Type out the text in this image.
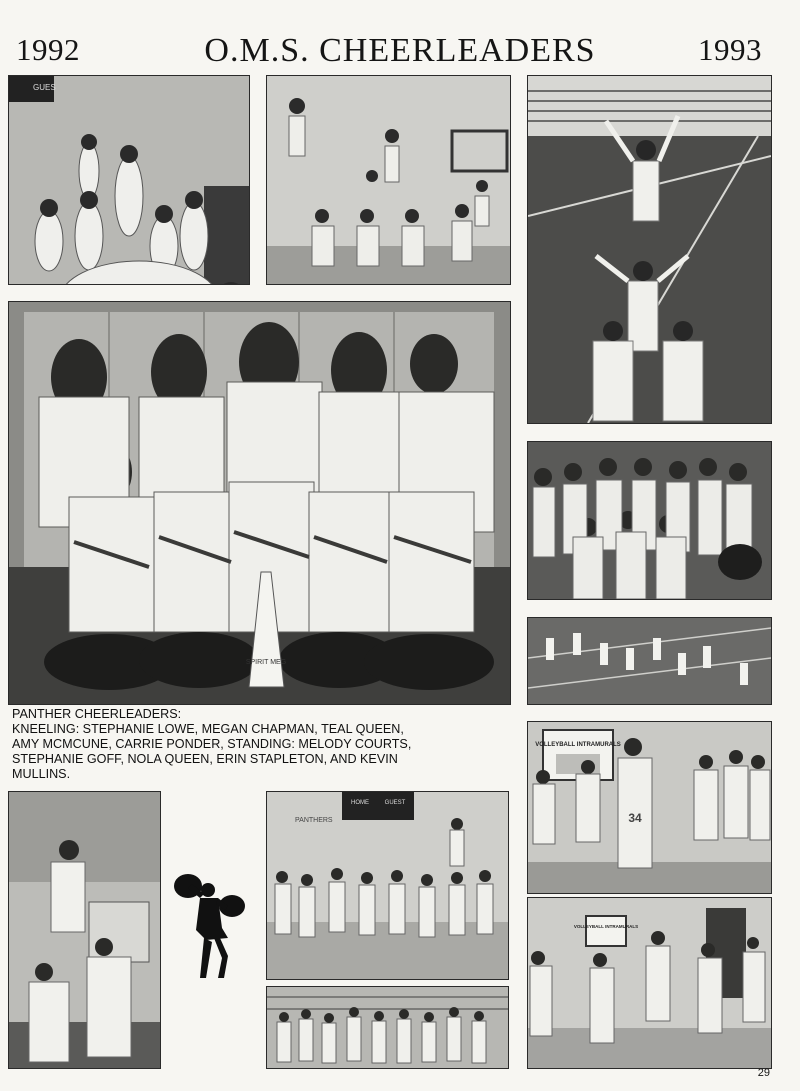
1992	O.M.S. CHEERLEADERS	1993
GUES
SPIRIT MEG
VOLLEYBALL INTRAMURALS
34
HOME	GUEST
PANTHERS
VOLLEYBALL INTRAMURALS
PANTHER CHEERLEADERS:
KNEELING: STEPHANIE LOWE, MEGAN CHAPMAN, TEAL QUEEN,
AMY MCMCUNE, CARRIE PONDER, STANDING: MELODY COURTS,
STEPHANIE GOFF, NOLA QUEEN, ERIN STAPLETON, AND KEVIN
MULLINS.
29
